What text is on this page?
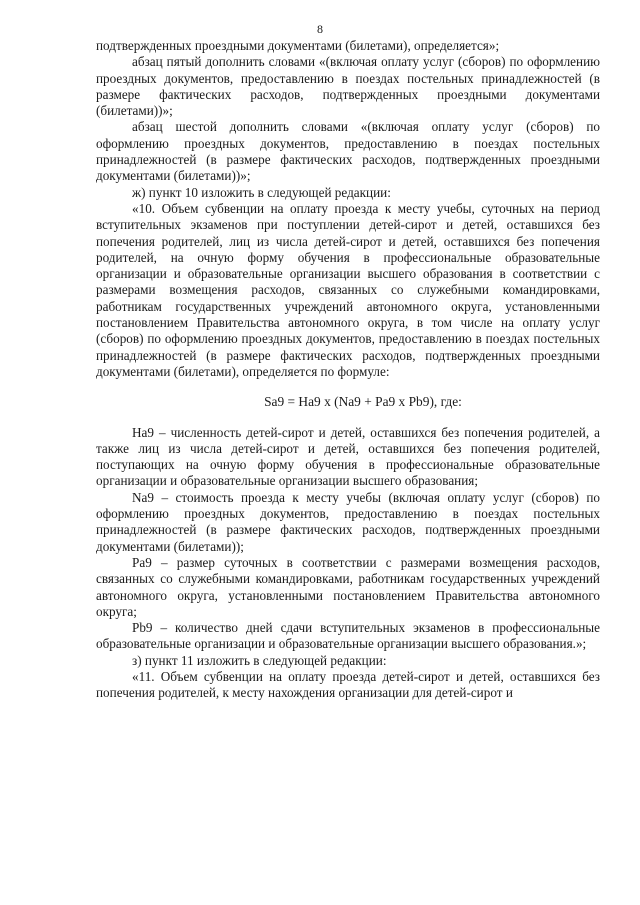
8

подтвержденных проездными документами (билетами), определяется»;

абзац пятый дополнить словами «(включая оплату услуг (сборов) по оформлению проездных документов, предоставлению в поездах постельных принадлежностей (в размере фактических расходов, подтвержденных проездными документами (билетами))»;

абзац шестой дополнить словами «(включая оплату услуг (сборов) по оформлению проездных документов, предоставлению в поездах постельных принадлежностей (в размере фактических расходов, подтвержденных проездными документами (билетами))»;

ж) пункт 10 изложить в следующей редакции:

«10. Объем субвенции на оплату проезда к месту учебы, суточных на период вступительных экзаменов при поступлении детей-сирот и детей, оставшихся без попечения родителей, лиц из числа детей-сирот и детей, оставшихся без попечения родителей, на очную форму обучения в профессиональные образовательные организации и образовательные организации высшего образования в соответствии с размерами возмещения расходов, связанных со служебными командировками, работникам государственных учреждений автономного округа, установленными постановлением Правительства автономного округа, в том числе на оплату услуг (сборов) по оформлению проездных документов, предоставлению в поездах постельных принадлежностей (в размере фактических расходов, подтвержденных проездными документами (билетами), определяется по формуле:

Sa9 = Ha9 x (Na9 + Pa9 x Pb9), где:

Ha9 – численность детей-сирот и детей, оставшихся без попечения родителей, а также лиц из числа детей-сирот и детей, оставшихся без попечения родителей, поступающих на очную форму обучения в профессиональные образовательные организации и образовательные организации высшего образования;

Na9 – стоимость проезда к месту учебы (включая оплату услуг (сборов) по оформлению проездных документов, предоставлению в поездах постельных принадлежностей (в размере фактических расходов, подтвержденных проездными документами (билетами));

Pa9 – размер суточных в соответствии с размерами возмещения расходов, связанных со служебными командировками, работникам государственных учреждений автономного округа, установленными постановлением Правительства автономного округа;

Pb9 – количество дней сдачи вступительных экзаменов в профессиональные образовательные организации и образовательные организации высшего образования.»;

з) пункт 11 изложить в следующей редакции:

«11. Объем субвенции на оплату проезда детей-сирот и детей, оставшихся без попечения родителей, к месту нахождения организации для детей-сирот и
